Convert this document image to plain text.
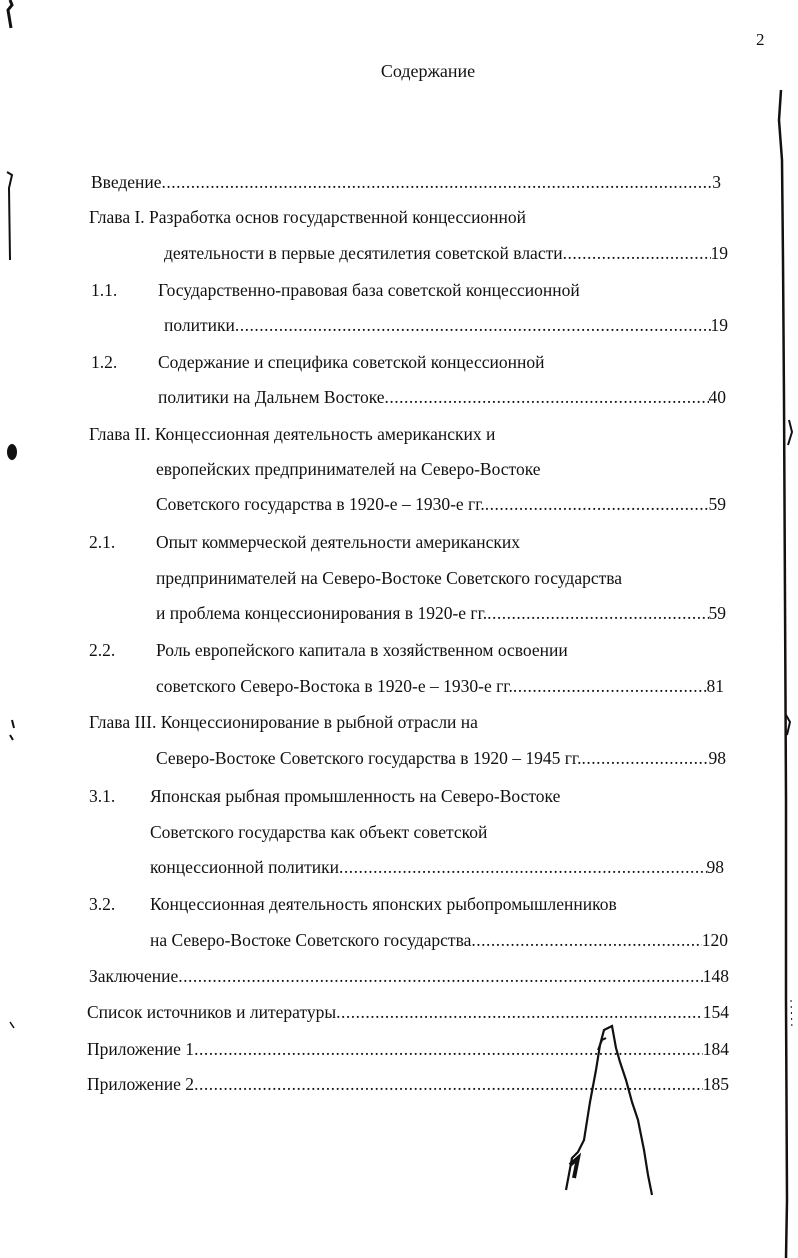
2
Содержание
Введение .....	3
Глава I. Разработка основ государственной концессионной
деятельности в первые десятилетия советской власти .....	19
1.1. Государственно-правовая база советской концессионной
политики .....	19
1.2. Содержание и специфика советской концессионной
политики на Дальнем Востоке .....	40
Глава II. Концессионная деятельность американских и
европейских предпринимателей на Северо-Востоке
Советского государства в 1920-е – 1930-е гг. .....	59
2.1. Опыт коммерческой деятельности американских
предпринимателей на Северо-Востоке Советского государства
и проблема концессионирования в 1920-е гг. .....	59
2.2. Роль европейского капитала в хозяйственном освоении
советского Северо-Востока в 1920-е – 1930-е гг. .....	81
Глава III. Концессионирование в рыбной отрасли на
Северо-Востоке Советского государства в 1920 – 1945 гг. .....	98
3.1. Японская рыбная промышленность на Северо-Востоке
Советского государства как объект советской
концессионной политики .....	98
3.2. Концессионная деятельность японских рыбопромышленников
на Северо-Востоке Советского государства .....	120
Заключение .....	148
Список источников и литературы .....	154
Приложение 1 .....	184
Приложение 2 .....	185
